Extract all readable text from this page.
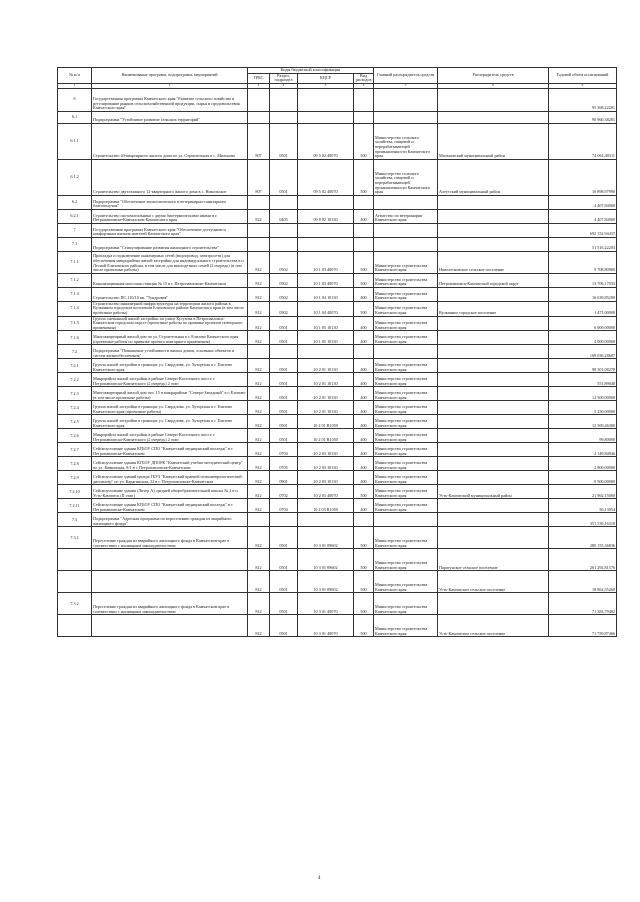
№ п/п	Наименование программ, подпрограмм, мероприятий	Коды бюджетной классификации				Главный распорядитель средств	Распорядитель средств	Годовой объем ассигнований
		ГРБС	Раздел, подраздел	КЦСР	Вид расходов			
1	2	3	4	5	6	7	8	9
6	Государственная программа Камчатского края "Развитие сельского хозяйства и регулирование рынков сельскохозяйственной продукции, сырья и продовольствия Камчатского края"							95 368,22201
6.1	Подпрограмма "Устойчивое развитие сельских территорий"							90 960,38201
6.1.1	Строительство 40-квартирного жилого дома по ул. Строительная в с. Мильково	807	0501	09 5 02 40070	500	Министерство сельского хозяйства, пищевой и перерабатывающей промышленности Камчатского края	Мильковский муниципальный район	74 061,40311
6.1.2	Строительство двухэтажного 12-квартирного жилого дома в с. Никольское	807	0501	09 5 02 40070	500	Министерство сельского хозяйства, пищевой и перерабатывающей промышленности Камчатского края	Алеутский муниципальный район	16 898,97990
6.2	Подпрограмма "Обеспечение эпизоотического и ветеринарно-санитарного благополучия"							4 407,84000
6.2.1	Строительство скотомогильника с двумя биотермическими ямами в г. Петропавловске-Камчатском Камчатского края	822	0405	09 8 02 10130	400	Агентство по ветеринарии Камчатского края		4 407,84000
7	Государственная программа Камчатского края "Обеспечение доступным и комфортным жильем жителей Камчатского края"							692 152,94437
7.1	Подпрограмма "Стимулирование развития жилищного строительства"							51 516,22203
7.1.1	Прокладка и подключение инженерных сетей (водопровод, электросети) для обеспечения микрорайона жилой застройки для индивидуального строительства в п. Лесной Елизовского района, в том числе для многодетных семей (2 очередь) (в том числе проектные работы)	812	0502	10 1 03 40070	500	Министерство строительства Камчатского края	Новолесновское сельское поселение	9 708,80900
7.1.2	Канализационная насосная станция № 15 в г. Петропавловске-Камчатском	812	0502	10 1 03 40070	500	Министерство строительства Камчатского края	Петропавловск-Камчатский городской округ	13 706,17033
7.1.3	Строительство ПС 110/10 кв. "Тундровая"	812	0502	10 1 04 10130	400	Министерство строительства Камчатского края		16 639,85200
7.1.4	Строительство инженерной инфраструктуры на территории жилого района в Вулканном городском поселении Елизовского района Камчатского края (в том числе проектные работы)	812	0502	10 1 04 40070	500	Министерство строительства Камчатского края	Вулканное городское поселение	1 471,00000
7.1.5	Группа смешанной жилой застройки по улице Кутузова в Петропавловск-Камчатском городском округе (проектные работы по привязке проектов повторного применения)	812	0501	10 1 05 10130	400	Министерство строительства Камчатского края		6 000,00000
7.1.6	Многоквартирный жилой дом по ул. Строительная в г. Елизово Камчатского края (проектные работы по привязке проекта повторного применения)	812	0501	10 1 05 10130	400	Министерство строительства Камчатского края		4 000,00000
7.2	Подпрограмма "Повышение устойчивости жилых домов, основных объектов и систем жизнеобеспечения"							169 036,28607
7.2.1	Группа жилой застройки в границах ул. Свердлова, ул. Хуторская в г. Елизово Камчатского края	812	0501	10 2 01 10130	400	Министерство строительства Камчатского края		98 301,08278
7.2.2	Микрорайон жилой застройки в районе Северо-Восточного шоссе г. Петропавловска-Камчатского (2 очередь) 2 этап	812	0501	10 2 01 10130	400	Министерство строительства Камчатского края		551,89048
7.2.3	Многоквартирный жилой дом поз. 15 в микрорайоне "Северо-Западный" в г. Елизово (в том числе проектные работы)	812	0501	10 2 01 10130	400	Министерство строительства Камчатского края		12 500,00000
7.2.4	Группа жилой застройки в границах ул. Свердлова, ул. Хуторская в г. Елизово Камчатского края (проектные работы)	812	0501	10 2 01 10130	400	Министерство строительства Камчатского края		5 250,00000
7.2.5	Группа жилой застройки в границах ул. Свердлова, ул. Хуторская в г. Елизово Камчатского края	812	0501	10 2 01 R1050	400	Министерство строительства Камчатского края		12 569,46300
7.2.6	Микрорайон жилой застройки в районе Северо-Восточного шоссе г. Петропавловска-Камчатского (2 очередь) 2 этап	812	0501	10 2 01 R1050	400	Министерство строительства Камчатского края		99,80000
7.2.7	Сейсмоусиление здания КГБОУ СПО "Камчатский медицинский колледж" в г. Петропавловске-Камчатском	812	0704	10 2 03 10130	400	Министерство строительства Камчатского края		4 149,84946
7.2.8	Сейсмоусиление здания КГБОУ ДПОРК "Камчатский учебно-методический центр" по ул. Кавказская, 8/1 в г. Петропавловске-Камчатском	812	0705	10 2 03 10130	400	Министерство строительства Камчатского края		2 800,00000
7.2.9	Сейсмоусиление зданий центра ГБУЗ "Камчатский краевой психоневрологический диспансер" по ул. Карагинская, 22 в г. Петропавловске-Камчатском	812	0901	10 2 03 10130	400	Министерство строительства Камчатского края		9 500,00000
7.2.10	Сейсмоусиление здания (Литер А) средней общеобразовательной школы № 2 в п. Усть-Камчатск (II этап)	812	0702	10 2 03 40070	500	Министерство строительства Камчатского края	Усть-Камчатский муниципальный район	21 962,15000
7.2.11	Сейсмоусиление здания КГБОУ СПО "Камчатский медицинский колледж" в г. Петропавловске-Камчатском	812	0704	10 2 03 R1050	400	Министерство строительства Камчатского края		50,13054
7.3	Подпрограмма "Адресная программа по переселению граждан из аварийного жилищного фонда"							351 539,16318
7.3.1	Переселение граждан из аварийного жилищного фонда в Камчатском крае в соответствии с жилищным законодательством	812	0501	10 3 01 09602	500	Министерство строительства Камчатского края		280 155,36836
		812	0501	10 3 01 09602	500	Министерство строительства Камчатского края	Паратунское сельское поселение	261 292,81576
		812	0501	10 3 01 09602	500	Министерство строительства Камчатского края	Усть-Камчатское сельское поселение	18 862,55260
7.3.2	Переселение граждан из аварийного жилищного фонда в Камчатском крае в соответствии с жилищным законодательством	812	0501	10 3 01 40070	500	Министерство строительства Камчатского края		71 383,79482
		812	0501	10 3 01 40070	500	Министерство строительства Камчатского края	Усть-Камчатское сельское поселение	71 759,87466
4
